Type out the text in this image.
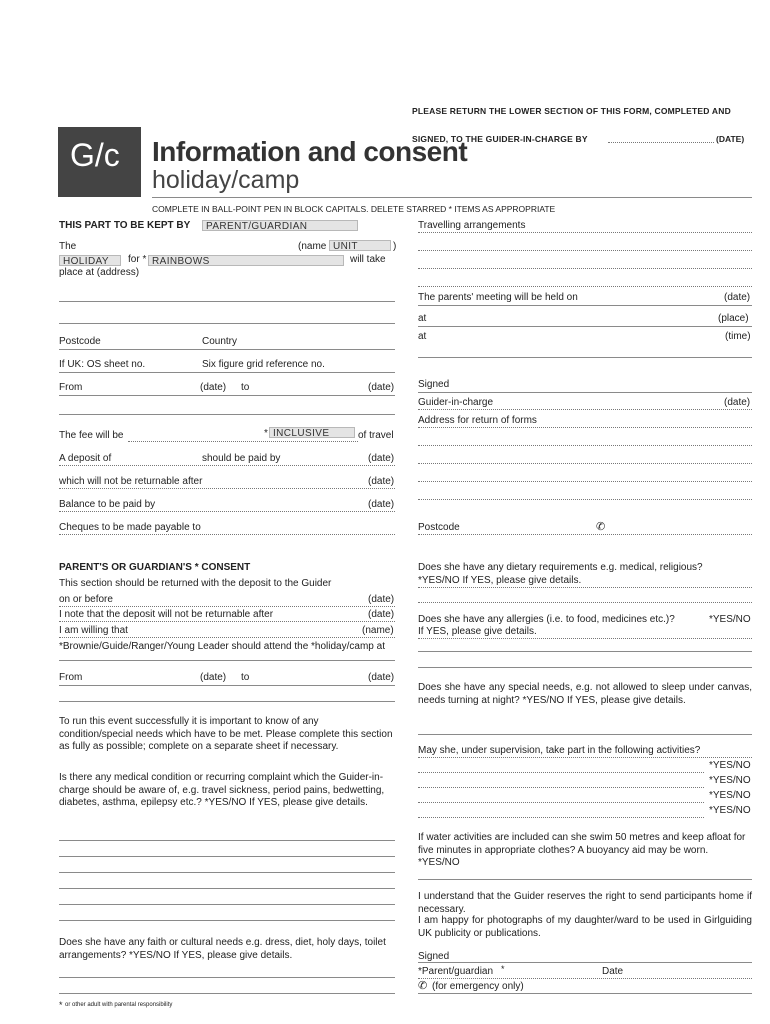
PLEASE RETURN THE LOWER SECTION OF THIS FORM, COMPLETED AND
SIGNED, TO THE GUIDER-IN-CHARGE BY	(DATE)
G/c Information and consent
holiday/camp
COMPLETE IN BALL-POINT PEN IN BLOCK CAPITALS. DELETE STARRED * ITEMS AS APPROPRIATE
THIS PART TO BE KEPT BY	PARENT/GUARDIAN
The	(name UNIT	)
HOLIDAY	for * RAINBOWS	will take
place at (address)
Postcode	Country
If UK: OS sheet no.	Six figure grid reference no.
From	(date) to	(date)
The fee will be	* INCLUSIVE	of travel
A deposit of	should be paid by	(date)
which will not be returnable after	(date)
Balance to be paid by	(date)
Cheques to be made payable to
PARENT'S OR GUARDIAN'S * CONSENT
This section should be returned with the deposit to the Guider
on or before	(date)
I note that the deposit will not be returnable after	(date)
I am willing that	(name)
*Brownie/Guide/Ranger/Young Leader should attend the *holiday/camp at
From	(date) to	(date)
To run this event successfully it is important to know of any condition/special needs which have to be met. Please complete this section as fully as possible; complete on a separate sheet if necessary.
Is there any medical condition or recurring complaint which the Guider-in-charge should be aware of, e.g. travel sickness, period pains, bedwetting, diabetes, asthma, epilepsy etc.? *YES/NO If YES, please give details.
Does she have any faith or cultural needs e.g. dress, diet, holy days, toilet arrangements? *YES/NO If YES, please give details.
* or other adult with parental responsibility
Travelling arrangements
The parents' meeting will be held on	(date)
at	(place)
at	(time)
Signed
Guider-in-charge	(date)
Address for return of forms
Postcode	✆
Does she have any dietary requirements e.g. medical, religious?
*YES/NO If YES, please give details.
Does she have any allergies (i.e. to food, medicines etc.)?	*YES/NO
If YES, please give details.
Does she have any special needs, e.g. not allowed to sleep under canvas, needs turning at night? *YES/NO If YES, please give details.
May she, under supervision, take part in the following activities?
*YES/NO
*YES/NO
*YES/NO
*YES/NO
If water activities are included can she swim 50 metres and keep afloat for five minutes in appropriate clothes? A buoyancy aid may be worn. *YES/NO
I understand that the Guider reserves the right to send participants home if necessary.
I am happy for photographs of my daughter/ward to be used in Girlguiding UK publicity or publications.
Signed
*Parent/guardian *	Date
✆ (for emergency only)
